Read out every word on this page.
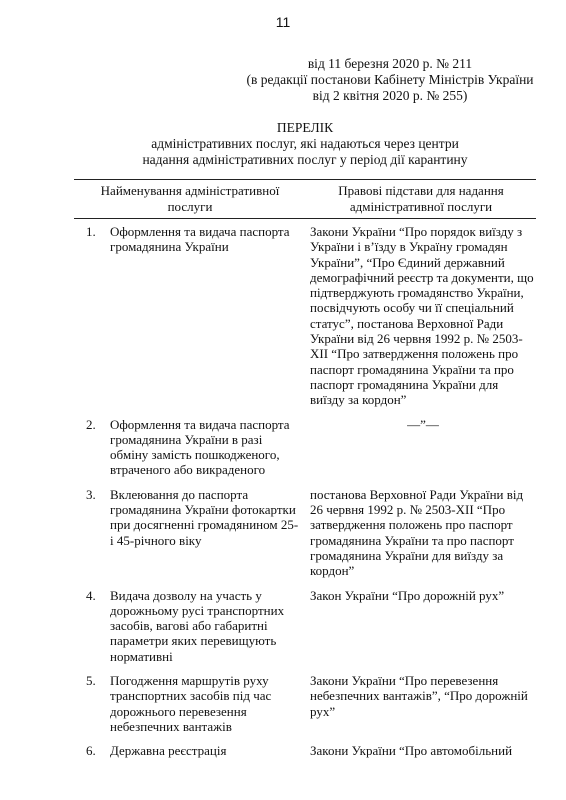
11
від 11 березня 2020 р. № 211
(в редакції постанови Кабінету Міністрів України
від 2 квітня 2020 р. № 255)
ПЕРЕЛІК
адміністративних послуг, які надаються через центри
надання адміністративних послуг у період дії карантину
Найменування адміністративної послуги		Правові підстави для надання адміністративної послуги
1.	Оформлення та видача паспорта громадянина України	Закони України “Про порядок виїзду з України і в’їзду в Україну громадян України”, “Про Єдиний державний демографічний реєстр та документи, що підтверджують громадянство України, посвідчують особу чи її спеціальний статус”, постанова Верховної Ради України від 26 червня 1992 р. № 2503-XII “Про затвердження положень про паспорт громадянина України та про паспорт громадянина України для виїзду за кордон”
2.	Оформлення та видача паспорта громадянина України в разі обміну замість пошкодженого, втраченого або викраденого	—”—
3.	Вклеювання до паспорта громадянина України фотокартки при досягненні громадянином 25- і 45-річного віку	постанова Верховної Ради України від 26 червня 1992 р. № 2503-XII “Про затвердження положень про паспорт громадянина України та про паспорт громадянина України для виїзду за кордон”
4.	Видача дозволу на участь у дорожньому русі транспортних засобів, вагові або габаритні параметри яких перевищують нормативні	Закон України “Про дорожній рух”
5.	Погодження маршрутів руху транспортних засобів під час дорожнього перевезення небезпечних вантажів	Закони України “Про перевезення небезпечних вантажів”, “Про дорожній рух”
6.	Державна реєстрація	Закони України “Про автомобільний
